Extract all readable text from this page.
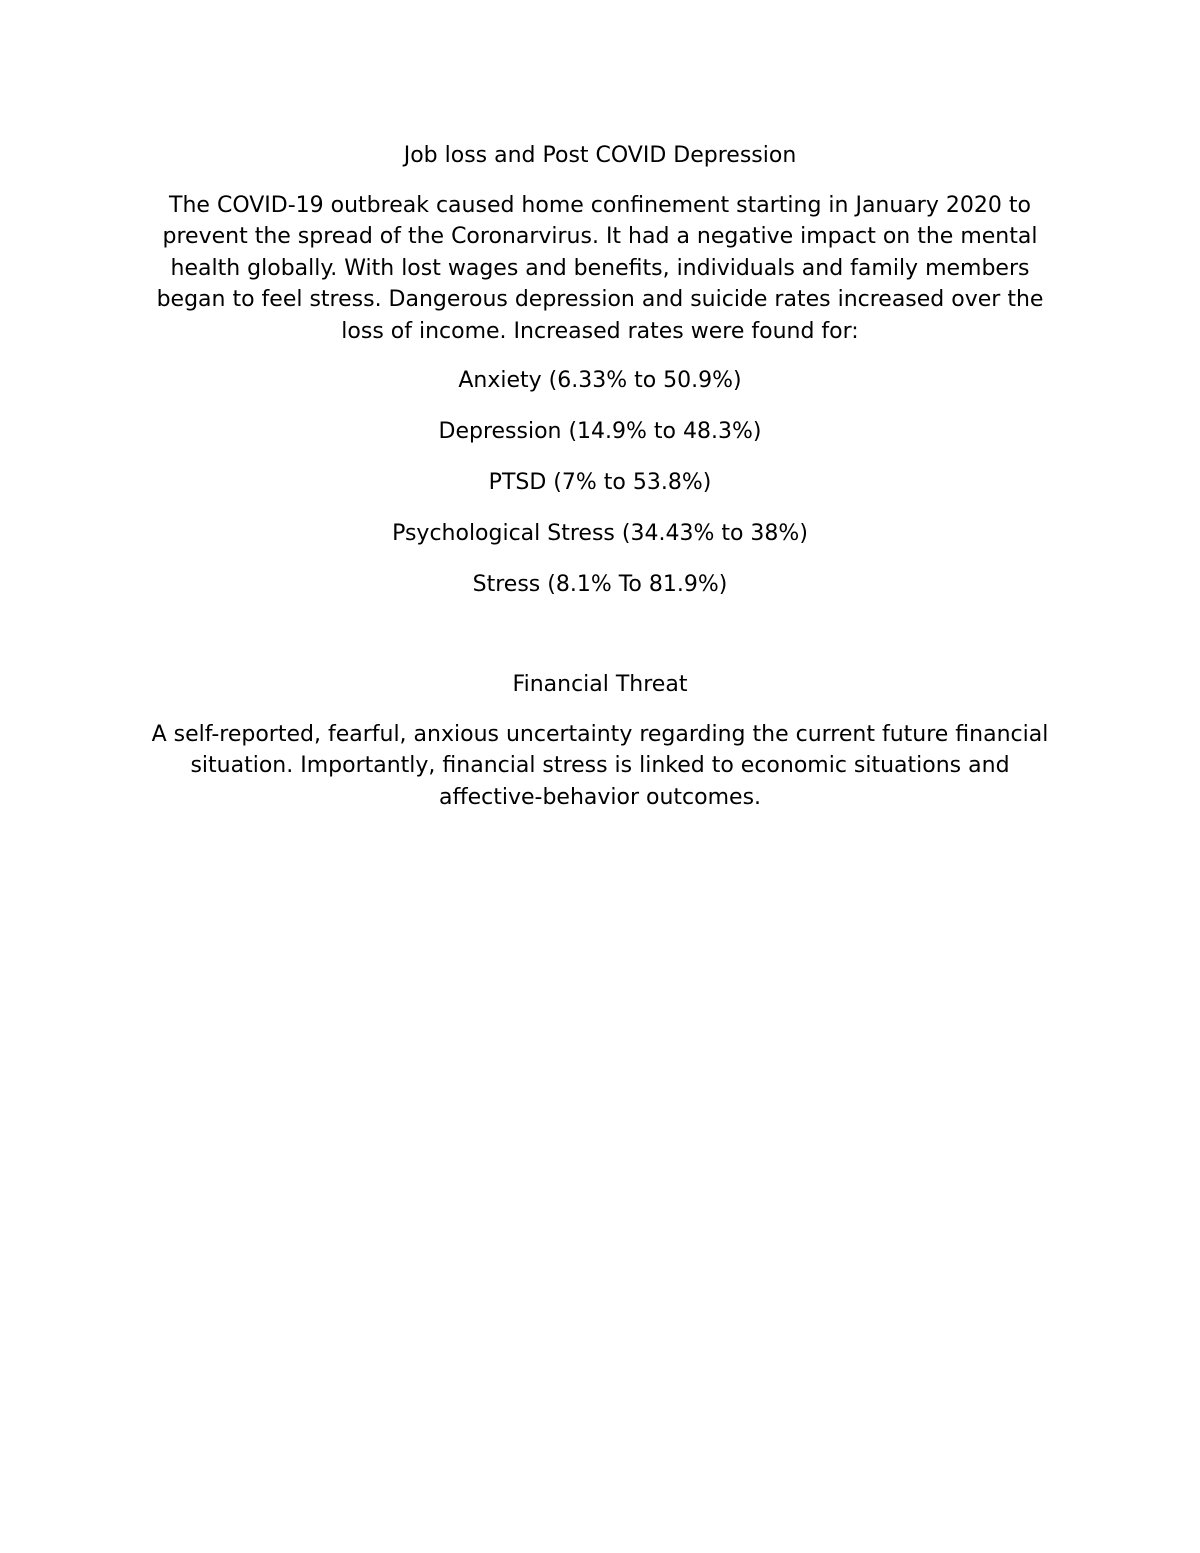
Job loss and Post COVID Depression

The COVID-19 outbreak caused home confinement starting in January 2020 to prevent the spread of the Coronarvirus. It had a negative impact on the mental health globally. With lost wages and benefits, individuals and family members began to feel stress. Dangerous depression and suicide rates increased over the loss of income. Increased rates were found for:

Anxiety (6.33% to 50.9%)
Depression (14.9% to 48.3%)
PTSD (7% to 53.8%)
Psychological Stress (34.43% to 38%)
Stress (8.1% To 81.9%)
Financial Threat

A self-reported, fearful, anxious uncertainty regarding the current future financial situation. Importantly, financial stress is linked to economic situations and affective-behavior outcomes.
